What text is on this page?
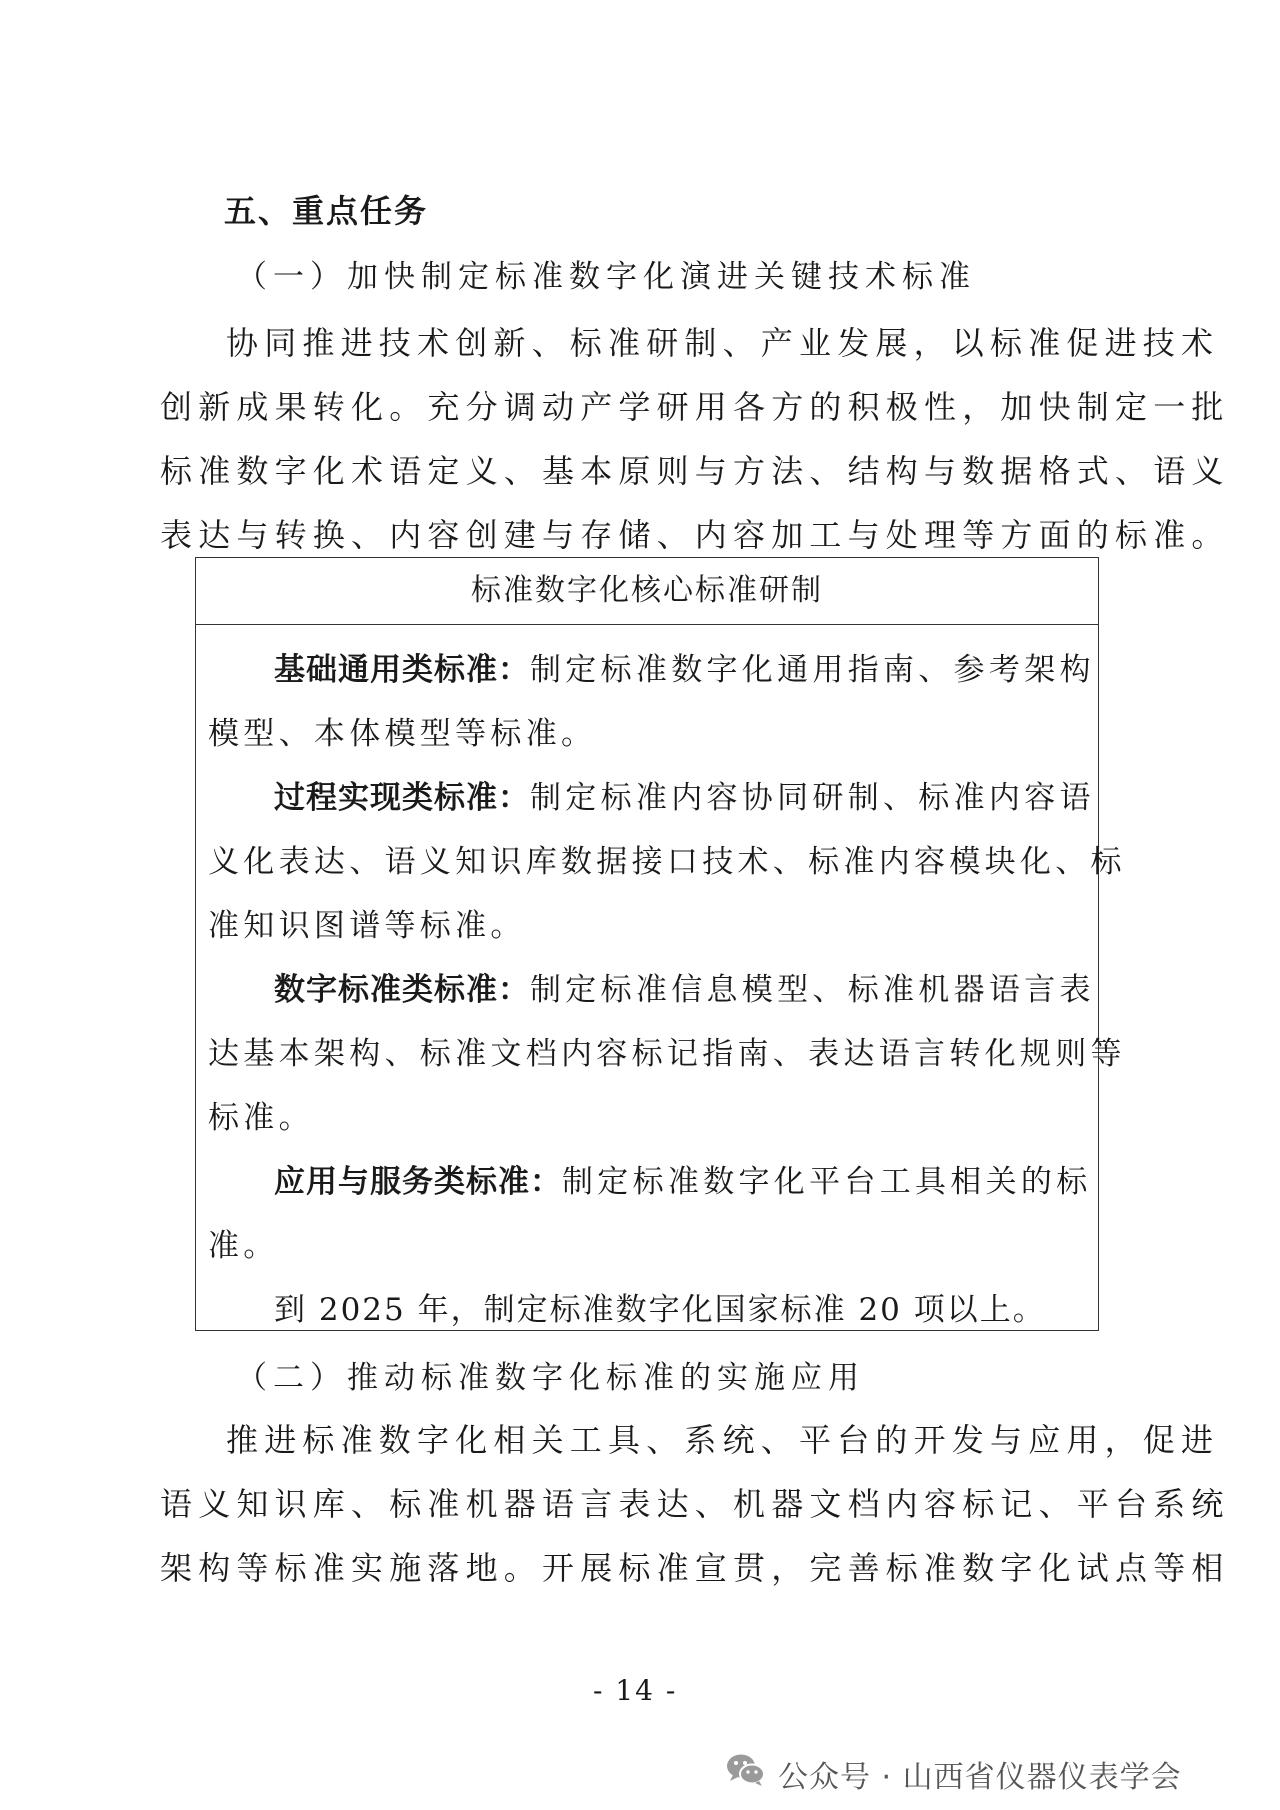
五、重点任务
（一）加快制定标准数字化演进关键技术标准
协同推进技术创新、标准研制、产业发展，以标准促进技术
创新成果转化。充分调动产学研用各方的积极性，加快制定一批
标准数字化术语定义、基本原则与方法、结构与数据格式、语义
表达与转换、内容创建与存储、内容加工与处理等方面的标准。
标准数字化核心标准研制
基础通用类标准：制定标准数字化通用指南、参考架构
模型、本体模型等标准。
过程实现类标准：制定标准内容协同研制、标准内容语
义化表达、语义知识库数据接口技术、标准内容模块化、标
准知识图谱等标准。
数字标准类标准：制定标准信息模型、标准机器语言表
达基本架构、标准文档内容标记指南、表达语言转化规则等
标准。
应用与服务类标准：制定标准数字化平台工具相关的标
准。
到 2025 年，制定标准数字化国家标准 20 项以上。
（二）推动标准数字化标准的实施应用
推进标准数字化相关工具、系统、平台的开发与应用，促进
语义知识库、标准机器语言表达、机器文档内容标记、平台系统
架构等标准实施落地。开展标准宣贯，完善标准数字化试点等相
- 14 -
公众号 · 山西省仪器仪表学会
